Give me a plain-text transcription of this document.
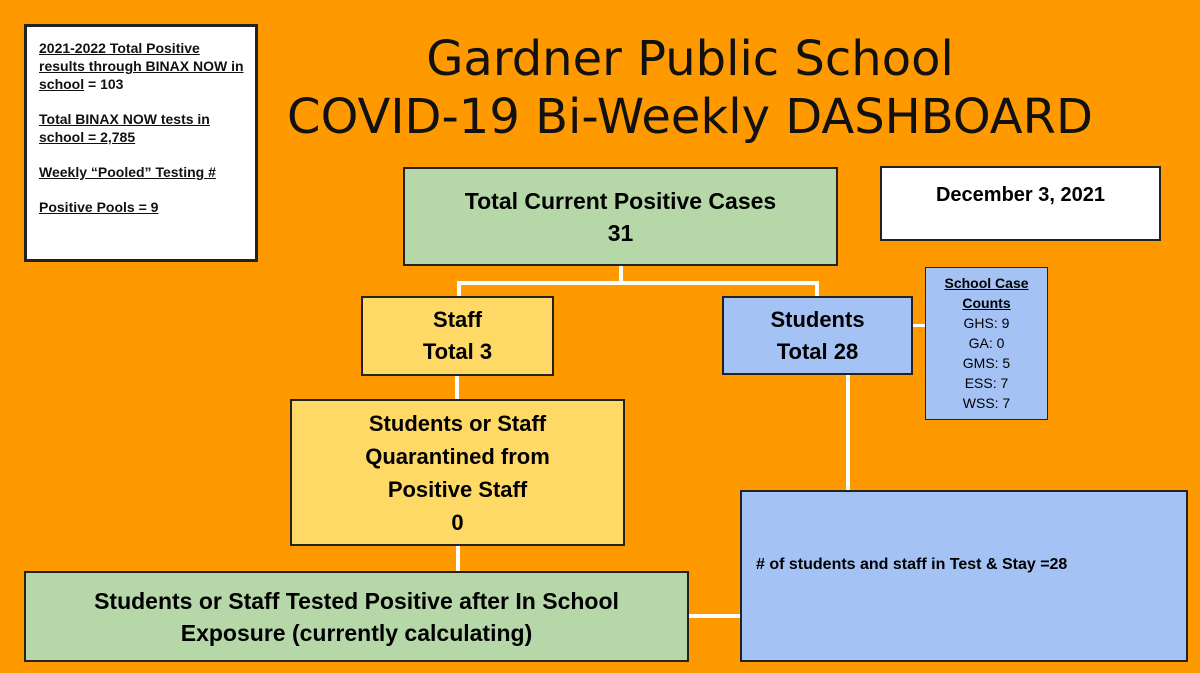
Gardner Public School
COVID-19 Bi-Weekly DASHBOARD

2021-2022 Total Positive results through BINAX NOW in school = 103

Total BINAX NOW tests in school = 2,785

Weekly “Pooled” Testing #

Positive Pools = 9	Total Current Positive Cases
31
December 3, 2021
Staff
Total 3
Students
Total 28
School Case
Counts
GHS: 9
GA: 0
GMS: 5
ESS: 7
WSS: 7
Students or Staff
Quarantined from
Positive Staff
0
# of students and staff in Test & Stay =28
Students or Staff Tested Positive after In School
Exposure (currently calculating)
